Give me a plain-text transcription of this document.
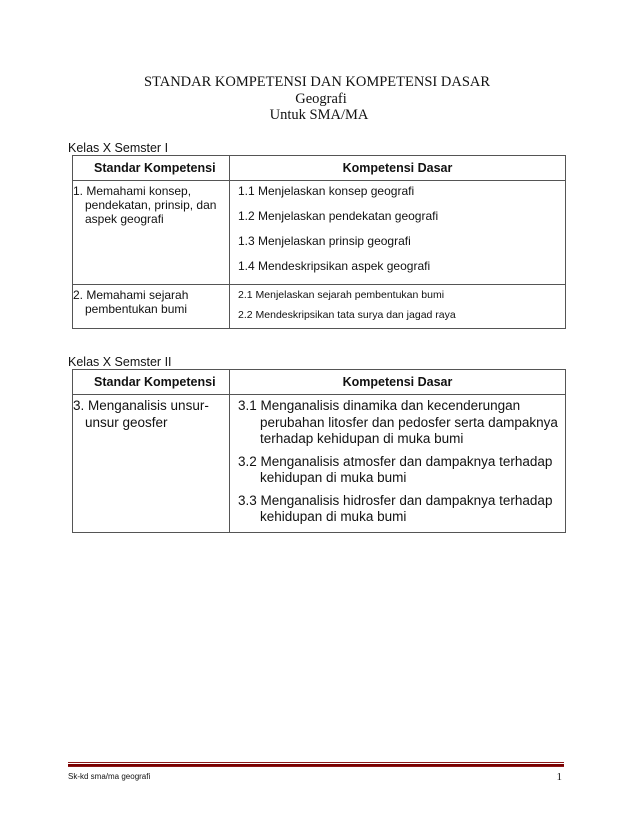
STANDAR KOMPETENSI DAN KOMPETENSI DASAR
Geografi
Untuk SMA/MA
Kelas X Semster I
Standar Kompetensi	Kompetensi Dasar

1. Memahami konsep, pendekatan, prinsip, dan aspek geografi	1.1 Menjelaskan konsep geografi
1.2 Menjelaskan pendekatan geografi
1.3 Menjelaskan prinsip geografi
1.4 Mendeskripsikan aspek geografi

2. Memahami sejarah pembentukan bumi	2.1 Menjelaskan sejarah pembentukan bumi
2.2 Mendeskripsikan tata surya dan jagad raya
Kelas X Semster II
Standar Kompetensi	Kompetensi Dasar

3. Menganalisis unsur- unsur geosfer	3.1 Menganalisis dinamika dan kecenderungan perubahan litosfer dan pedosfer serta dampaknya terhadap kehidupan di muka bumi
3.2 Menganalisis atmosfer dan dampaknya terhadap kehidupan di muka bumi
3.3 Menganalisis hidrosfer dan dampaknya terhadap kehidupan di muka bumi
Sk-kd sma/ma geografi	1
